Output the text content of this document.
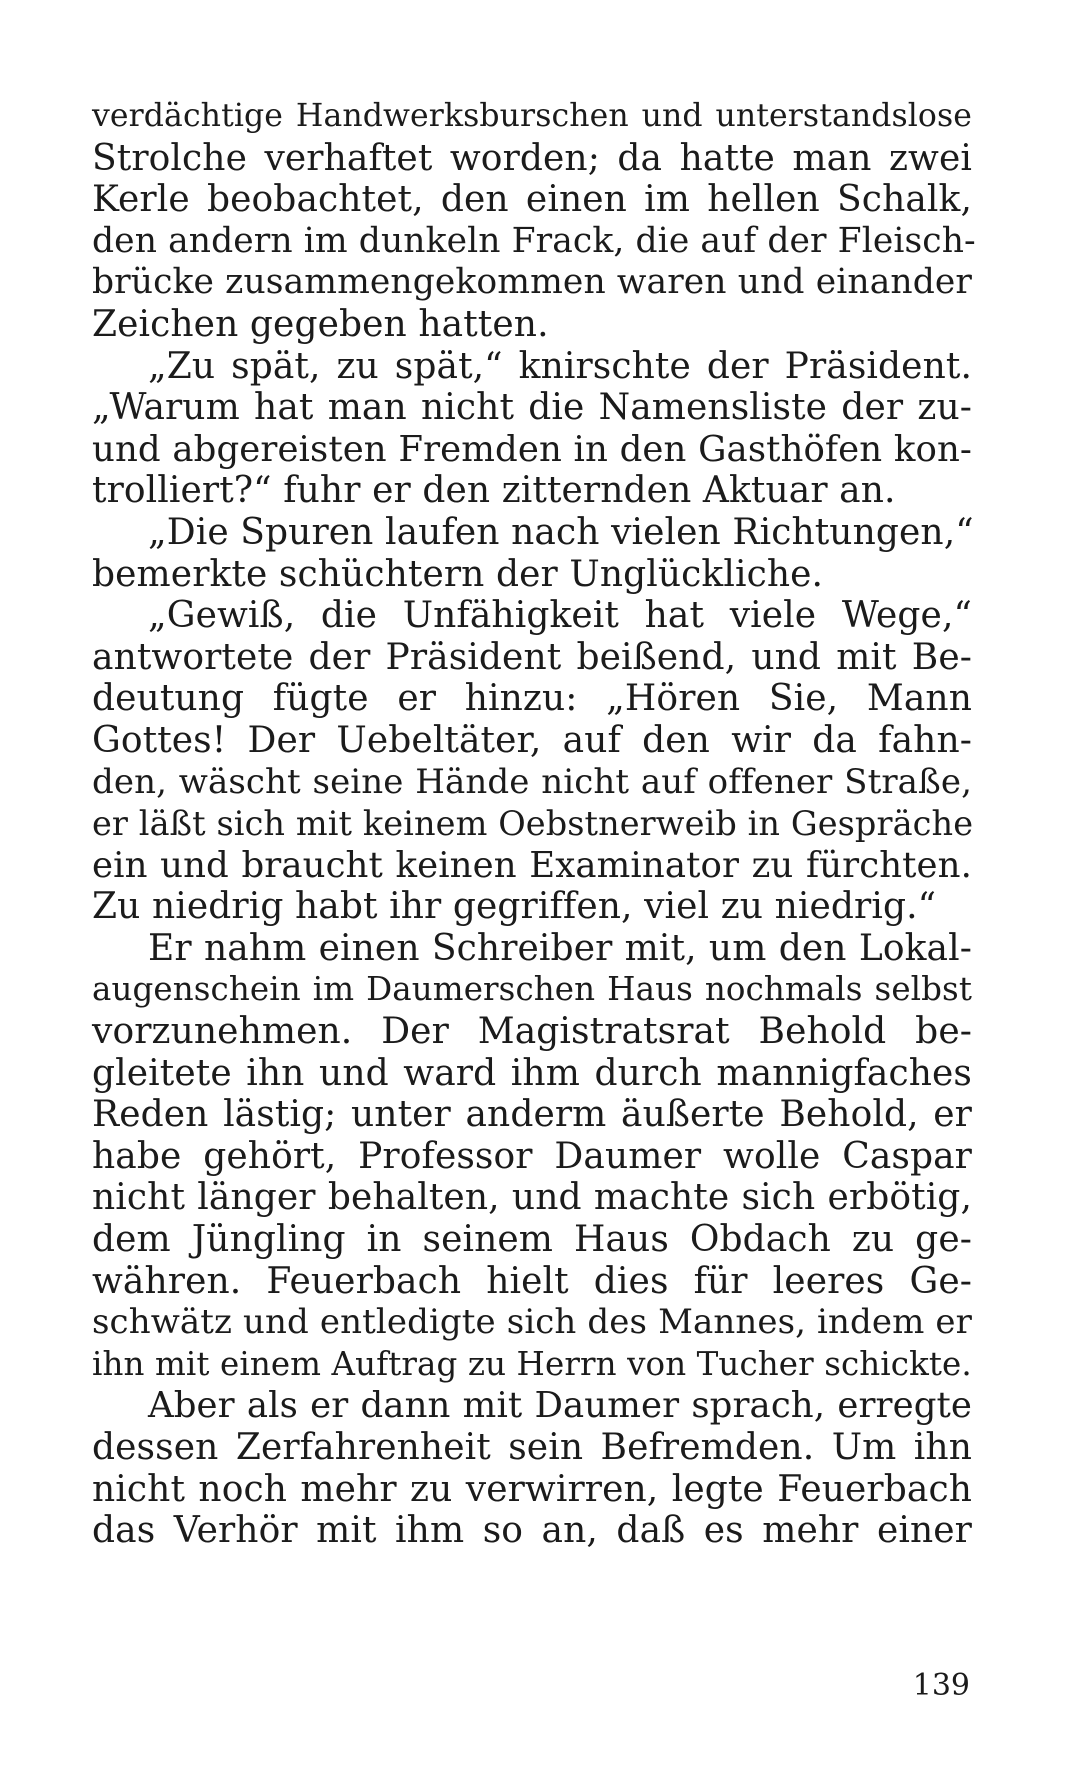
verdächtige Handwerksburschen und unterstandslose
Strolche verhaftet worden; da hatte man zwei
Kerle beobachtet, den einen im hellen Schalk,
den andern im dunkeln Frack, die auf der Fleisch-
brücke zusammengekommen waren und einander
Zeichen gegeben hatten.
„Zu spät, zu spät,“ knirschte der Präsident.
„Warum hat man nicht die Namensliste der zu-
und abgereisten Fremden in den Gasthöfen kon-
trolliert?“ fuhr er den zitternden Aktuar an.
„Die Spuren laufen nach vielen Richtungen,“
bemerkte schüchtern der Unglückliche.
„Gewiß, die Unfähigkeit hat viele Wege,“
antwortete der Präsident beißend, und mit Be-
deutung fügte er hinzu: „Hören Sie, Mann
Gottes! Der Uebeltäter, auf den wir da fahn-
den, wäscht seine Hände nicht auf offener Straße,
er läßt sich mit keinem Oebstnerweib in Gespräche
ein und braucht keinen Examinator zu fürchten.
Zu niedrig habt ihr gegriffen, viel zu niedrig.“
Er nahm einen Schreiber mit, um den Lokal-
augenschein im Daumerschen Haus nochmals selbst
vorzunehmen. Der Magistratsrat Behold be-
gleitete ihn und ward ihm durch mannigfaches
Reden lästig; unter anderm äußerte Behold, er
habe gehört, Professor Daumer wolle Caspar
nicht länger behalten, und machte sich erbötig,
dem Jüngling in seinem Haus Obdach zu ge-
währen. Feuerbach hielt dies für leeres Ge-
schwätz und entledigte sich des Mannes, indem er
ihn mit einem Auftrag zu Herrn von Tucher schickte.
Aber als er dann mit Daumer sprach, erregte
dessen Zerfahrenheit sein Befremden. Um ihn
nicht noch mehr zu verwirren, legte Feuerbach
das Verhör mit ihm so an, daß es mehr einer
139
